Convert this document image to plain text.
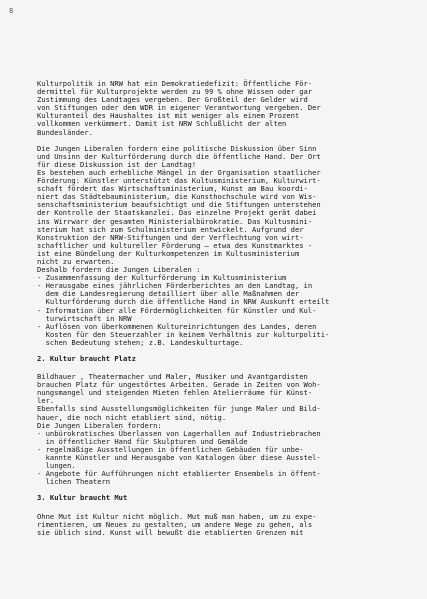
8
Kulturpolitik in NRW hat ein Demokratiedefizit: Öffentliche För-
dermittel für Kulturprojekte werden zu 99 % ohne Wissen oder gar
Zustimmung des Landtages vergeben. Der Großteil der Gelder wird
von Stiftungen oder dem WDR in eigener Verantwortung vergeben. Der
Kulturanteil des Haushaltes ist mit weniger als einem Prozent
vollkommen verkümmert. Damit ist NRW Schlußlicht der alten
Bundesländer.
Die Jungen Liberalen fordern eine politische Diskussion über Sinn
und Unsinn der Kulturförderung durch die öffentliche Hand. Der Ort
für diese Diskussion ist der Landtag!
Es bestehen auch erhebliche Mängel in der Organisation staatlicher
Förderung: Künstler unterstützt das Kultusministerium, Kulturwirt-
schaft fördert das Wirtschaftsministerium, Kunst am Bau koordi-
niert das Städtebauministerium, die Kunsthochschule wird von Wis-
senschaftsministerium beaufsichtigt und die Stiftungen unterstehen
der Kontrolle der Staatskanzlei. Das einzelne Projekt gerät dabei
ins Wirrwarr der gesamten Ministerialbürokratie. Das Kultusmini-
sterium hat sich zum Schulministerium entwickelt. Aufgrund der
Konstruktion der NRW-Stiftungen und der Verflechtung von wirt-
schaftlicher und kultureller Förderung – etwa des Kunstmarktes -
ist eine Bündelung der Kulturkompetenzen im Kultusministerium
nicht zu erwarten.
Deshalb fordern die Jungen Liberalen :
- Zusammenfassung der Kulturförderung im Kultusministerium
- Herausgabe eines jährlichen Förderberichtes an den Landtag, in
dem die Landesregierung detailliert über alle Maßnahmen der
Kulturförderung durch die öffentliche Hand in NRW Auskunft erteilt
- Information über alle Fördermöglichkeiten für Künstler und Kul-
turwirtschaft in NRW
- Auflösen von überkommenen Kultureinrichtungen des Landes, deren
Kosten für den Steuerzahler in keinem Verhältnis zur kulturpoliti-
schen Bedeutung stehen; z.B. Landeskulturtage.
2. Kultur braucht Platz
Bildhauer , Theatermacher und Maler, Musiker und Avantgardisten
brauchen Platz für ungestörtes Arbeiten. Gerade in Zeiten von Woh-
nungsmangel und steigenden Mieten fehlen Atelierräume für Künst-
ler.
Ebenfalls sind Ausstellungsmöglichkeiten für junge Maler und Bild-
hauer, die noch nicht etabliert sind, nötig.
Die Jungen Liberalen fordern:
- unbürokratisches Überlassen von Lagerhallen auf Industriebrachen
in öffentlicher Hand für Skulpturen und Gemälde
- regelmäßige Ausstellungen in öffentlichen Gebäuden für unbe-
kannte Künstler und Herausgabe von Katalogen über diese Ausstel-
lungen.
- Angebote für Aufführungen nicht etablierter Ensembels in öffent-
lichen Theatern
3. Kultur braucht Mut
Ohne Mut ist Kultur nicht möglich. Mut muß man haben, um zu expe-
rimentieren, um Neues zu gestalten, um andere Wege zu gehen, als
sie üblich sind. Kunst will bewußt die etablierten Grenzen mit
